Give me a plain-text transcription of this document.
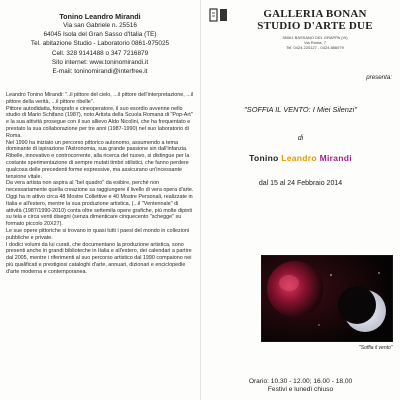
Tonino Leandro Mirandi
Via san Gabriele n. 25516
64045 Isola del Gran Sasso d'Italia (TE)
Tel. abitazione Studio - Laboratorio 0861-975025
Cell. 328 9141488 o 347 7216879
Sito internet: www.toninomirandi.it
E-mail: toninomirandi@interfree.it

Leandro Tonino Mirandi: "..il pittore del cielo, ...il pittore dell'interpretazione, ...il pittore della verità, ...il pittore ribelle".

Pittore autodidatta, fotografo e cineoperatore, il suo esordio avvenne nello studio di Mario Schifano (1987), noto Artista della Scuola Romana di "Pop-Art" e la sua attività prosegue con il suo allievo Aldo Nicolini, che ha frequentato e prestato la sua collaborazione per tre anni (1987-1990) nel suo laboratorio di Roma.

Nel 1990 ha iniziato un percorso pittorico autonomo, assumendo a tema dominante di ispirazione l'Astronomia, sua grande passione sin dall'infanzia.

Ribelle, innovativo e controcorrente, alla ricerca del nuovo, si distingue per la costante sperimentazione di sempre mutati timbri stilistici, che fanno perdere qualcosa delle precedenti forme espressive, ma assicurano un'incessante tensione vitale.

Da vera artista non aspira al "bel quadro" da esibire, perché non necessariamente quella creazione sa raggiungere il livello di vera opera d'arte.

Oggi ha in attivo circa 48 Mostre Collettive e 40 Mostre Personali, realizzate in Italia e all'estero, mentre la sua produzione artistica, (...il "Ventennale" di attività (1987/1990-2010) conta oltre settemila opere grafiche, più molte dipinti su tela e circa venti disegni (senza dimenticare cinquecento "schegge" su formato piccolo 20X27).

Le sue opere pittoriche si trovano in quasi tutti i paesi del mondo in collezioni pubbliche e private.

I dodici volumi da lui curati, che documentano la produzione artistica, sono presenti anche in grandi biblioteche in Italia e all'estero, dei calendari a partire dal 2005, mentre i riferimenti al suo percorso artistico dal 1990 compaiono nei più qualificati e prestigiosi cataloghi d'arte, annuari, dizionari e enciclopedie d'arte moderna e contemporanea.

GALLERIA BONAN
STUDIO D'ARTE DUE
36061 BASSANO DEL GRAPPA (VI)
Via Roma, 7
Tel. 0424 220127 - 0424 886079
presenta:
"SOFFIA IL VENTO: I Miei Silenzi"
di
Tonino Leandro Mirandi
dal 15 al 24 Febbraio 2014
"Soffia il vento"
Orario: 10.30 - 12.00; 16.00 - 18.00
Festivi e lunedì chiuso
